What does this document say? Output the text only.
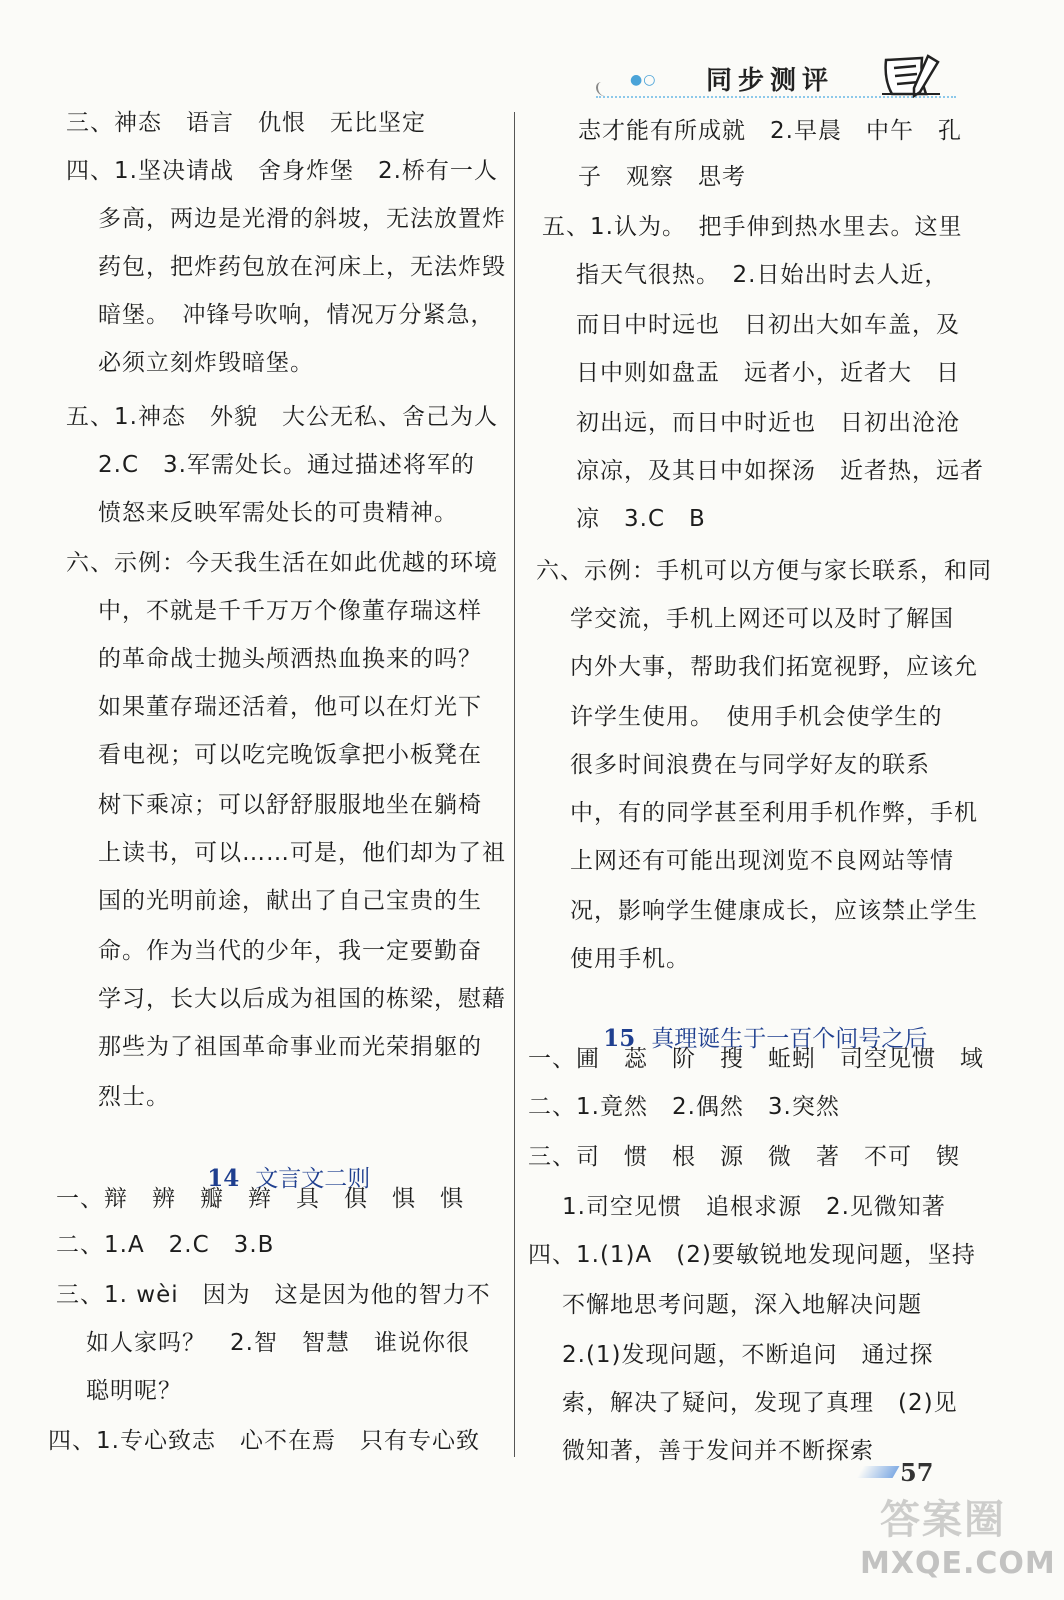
●○ 同步测评
三、神态　语言　仇恨　无比坚定
四、1.坚决请战　舍身炸堡　2.桥有一人
多高，两边是光滑的斜坡，无法放置炸
药包，把炸药包放在河床上，无法炸毁
暗堡。　冲锋号吹响，情况万分紧急，
必须立刻炸毁暗堡。
五、1.神态　外貌　大公无私、舍己为人
2.C　3.军需处长。通过描述将军的
愤怒来反映军需处长的可贵精神。
六、示例：今天我生活在如此优越的环境
中，不就是千千万万个像董存瑞这样
的革命战士抛头颅洒热血换来的吗？
如果董存瑞还活着，他可以在灯光下
看电视；可以吃完晚饭拿把小板凳在
树下乘凉；可以舒舒服服地坐在躺椅
上读书，可以……可是，他们却为了祖
国的光明前途，献出了自己宝贵的生
命。作为当代的少年，我一定要勤奋
学习，长大以后成为祖国的栋梁，慰藉
那些为了祖国革命事业而光荣捐躯的
烈士。

14 文言文二则

一、辩　辨　瓣　辫　具　俱　惧　惧
二、1.A　2.C　3.B
三、1. wèi　因为　这是因为他的智力不
如人家吗？　2.智　智慧　谁说你很
聪明呢？
四、1.专心致志　心不在焉　只有专心致
志才能有所成就　2.早晨　中午　孔
子　观察　思考
五、1.认为。　把手伸到热水里去。这里
指天气很热。　2.日始出时去人近，
而日中时远也　日初出大如车盖，及
日中则如盘盂　远者小，近者大　日
初出远，而日中时近也　日初出沧沧
凉凉，及其日中如探汤　近者热，远者
凉　3.C　B
六、示例：手机可以方便与家长联系，和同
学交流，手机上网还可以及时了解国
内外大事，帮助我们拓宽视野，应该允
许学生使用。　使用手机会使学生的
很多时间浪费在与同学好友的联系
中，有的同学甚至利用手机作弊，手机
上网还有可能出现浏览不良网站等情
况，影响学生健康成长，应该禁止学生
使用手机。

15 真理诞生于一百个问号之后

一、圃　蕊　阶　搜　蚯蚓　司空见惯　域
二、1.竟然　2.偶然　3.突然
三、司　惯　根　源　微　著　不可　锲
1.司空见惯　追根求源　2.见微知著
四、1.(1)A　(2)要敏锐地发现问题，坚持
不懈地思考问题，深入地解决问题
2.(1)发现问题，不断追问　通过探
索，解决了疑问，发现了真理　(2)见
微知著，善于发问并不断探索
57
答案圈
MXQE.COM
